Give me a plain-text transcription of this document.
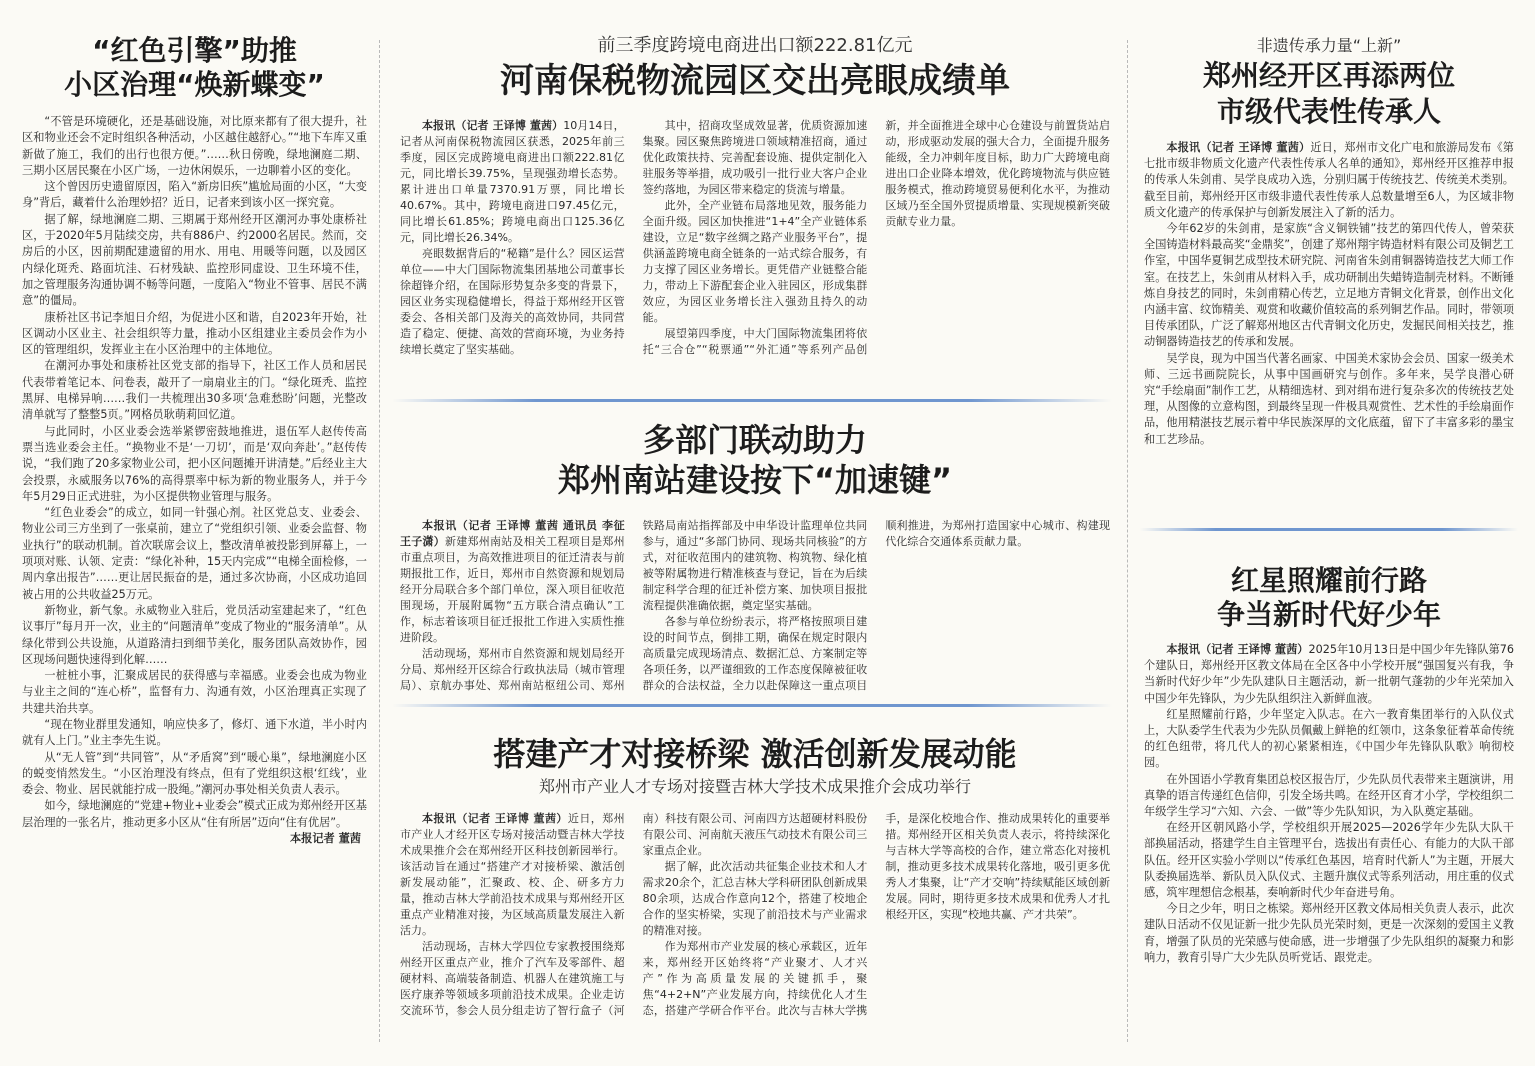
“红色引擎”助推
小区治理“焕新蝶变”

“不管是环境硬化，还是基础设施，对比原来都有了很大提升，社区和物业还会不定时组织各种活动，小区越住越舒心。”“地下车库又重新做了施工，我们的出行也很方便。”……秋日傍晚，绿地澜庭二期、三期小区居民聚在小区广场，一边休闲娱乐，一边聊着小区的变化。

这个曾因历史遗留原因，陷入“新房旧疾”尴尬局面的小区，“大变身”背后，藏着什么治理妙招？近日，记者来到该小区一探究竟。

据了解，绿地澜庭二期、三期属于郑州经开区潮河办事处康桥社区，于2020年5月陆续交房，共有886户、约2000名居民。然而，交房后的小区，因前期配建遗留的用水、用电、用暖等问题，以及园区内绿化斑秃、路面坑洼、石材残缺、监控形同虚设、卫生环境不佳，加之管理服务沟通协调不畅等问题，一度陷入“物业不管事、居民不满意”的僵局。

康桥社区书记李旭日介绍，为促进小区和谐，自2023年开始，社区调动小区业主、社会组织等力量，推动小区组建业主委员会作为小区的管理组织，发挥业主在小区治理中的主体地位。

在潮河办事处和康桥社区党支部的指导下，社区工作人员和居民代表带着笔记本、问卷表，敲开了一扇扇业主的门。“绿化斑秃、监控黑屏、电梯异响……我们一共梳理出30多项‘急难愁盼’问题，光整改清单就写了整整5页。”网格员耿萌莉回忆道。

与此同时，小区业委会选举紧锣密鼓地推进，退伍军人赵传传高票当选业委会主任。“换物业不是‘一刀切’，而是‘双向奔赴’。”赵传传说，“我们跑了20多家物业公司，把小区问题摊开讲清楚。”后经业主大会投票，永威服务以76%的高得票率中标为新的物业服务人，并于今年5月29日正式进驻，为小区提供物业管理与服务。

“红色业委会”的成立，如同一针强心剂。社区党总支、业委会、物业公司三方坐到了一张桌前，建立了“党组织引领、业委会监督、物业执行”的联动机制。首次联席会议上，整改清单被投影到屏幕上，一项项对账、认领、定责：“绿化补种，15天内完成”“电梯全面检修，一周内拿出报告”……更让居民振奋的是，通过多次协商，小区成功追回被占用的公共收益25万元。

新物业，新气象。永威物业入驻后，党员活动室建起来了，“红色议事厅”每月开一次，业主的“问题清单”变成了物业的“服务清单”。从绿化带到公共设施，从道路清扫到细节美化，服务团队高效协作，园区现场问题快速得到化解……

一桩桩小事，汇聚成居民的获得感与幸福感。业委会也成为物业与业主之间的“连心桥”，监督有力、沟通有效，小区治理真正实现了共建共治共享。

“现在物业群里发通知，响应快多了，修灯、通下水道，半小时内就有人上门。”业主李先生说。

从“无人管”到“共同管”，从“矛盾窝”到“暖心巢”，绿地澜庭小区的蜕变悄然发生。“小区治理没有终点，但有了党组织这根‘红线’，业委会、物业、居民就能拧成一股绳。”潮河办事处相关负责人表示。

如今，绿地澜庭的“党建+物业+业委会”模式正成为郑州经开区基层治理的一张名片，推动更多小区从“住有所居”迈向“住有优居”。

本报记者 董茜

前三季度跨境电商进出口额222.81亿元
河南保税物流园区交出亮眼成绩单

本报讯（记者 王译博 董茜）10月14日，记者从河南保税物流园区获悉，2025年前三季度，园区完成跨境电商进出口额222.81亿元，同比增长39.75%，呈现强劲增长态势。累计进出口单量7370.91万票，同比增长40.67%。其中，跨境电商进口97.45亿元，同比增长61.85%；跨境电商出口125.36亿元，同比增长26.34%。

亮眼数据背后的“秘籍”是什么？园区运营单位——中大门国际物流集团基地公司董事长徐超锋介绍，在国际形势复杂多变的背景下，园区业务实现稳健增长，得益于郑州经开区管委会、各相关部门及海关的高效协同，共同营造了稳定、便捷、高效的营商环境，为业务持续增长奠定了坚实基础。

其中，招商攻坚成效显著，优质资源加速集聚。园区聚焦跨境进口领域精准招商，通过优化政策扶持、完善配套设施、提供定制化入驻服务等举措，成功吸引一批行业大客户企业签约落地，为园区带来稳定的货流与增量。

此外，全产业链布局落地见效，服务能力全面升级。园区加快推进“1+4”全产业链体系建设，立足“数字丝绸之路产业服务平台”，提供涵盖跨境电商全链条的一站式综合服务，有力支撑了园区业务增长。更凭借产业链整合能力，带动上下游配套企业入驻园区，形成集群效应，为园区业务增长注入强劲且持久的动能。

展望第四季度，中大门国际物流集团将依托“三合仓”“税票通”“外汇通”等系列产品创新，并全面推进全球中心仓建设与前置货站启动，形成驱动发展的强大合力，全面提升服务能级，全力冲刺年度目标，助力广大跨境电商进出口企业降本增效，优化跨境物流与供应链服务模式，推动跨境贸易便利化水平，为推动区域乃至全国外贸提质增量、实现规模新突破贡献专业力量。

多部门联动助力
郑州南站建设按下“加速键”

本报讯（记者 王译博 董茜 通讯员 李征 王子潇）新建郑州南站及相关工程项目是郑州市重点项目，为高效推进项目的征迁清表与前期报批工作，近日，郑州市自然资源和规划局经开分局联合多个部门单位，深入项目征收范围现场，开展附属物“五方联合清点确认”工作，标志着该项目征迁报批工作进入实质性推进阶段。

活动现场，郑州市自然资源和规划局经开分局、郑州经开区综合行政执法局（城市管理局）、京航办事处、郑州南站枢纽公司、郑州铁路局南站指挥部及中申华设计监理单位共同参与，通过“多部门协同、现场共同核验”的方式，对征收范围内的建筑物、构筑物、绿化植被等附属物进行精准核查与登记，旨在为后续制定科学合理的征迁补偿方案、加快项目报批流程提供准确依据，奠定坚实基础。

各参与单位纷纷表示，将严格按照项目建设的时间节点，倒排工期，确保在规定时限内高质量完成现场清点、数据汇总、方案制定等各项任务，以严谨细致的工作态度保障被征收群众的合法权益，全力以赴保障这一重点项目顺利推进，为郑州打造国家中心城市、构建现代化综合交通体系贡献力量。

搭建产才对接桥梁 激活创新发展动能
郑州市产业人才专场对接暨吉林大学技术成果推介会成功举行

本报讯（记者 王译博 董茜）近日，郑州市产业人才经开区专场对接活动暨吉林大学技术成果推介会在郑州经开区科技创新园举行。该活动旨在通过“搭建产才对接桥梁、激活创新发展动能”，汇聚政、校、企、研多方力量，推动吉林大学前沿技术成果与郑州经开区重点产业精准对接，为区域高质量发展注入新活力。

活动现场，吉林大学四位专家教授围绕郑州经开区重点产业，推介了汽车及零部件、超硬材料、高端装备制造、机器人在建筑施工与医疗康养等领域多项前沿技术成果。企业走访交流环节，参会人员分组走访了智行盒子（河南）科技有限公司、河南四方达超硬材料股份有限公司、河南航天液压气动技术有限公司三家重点企业。

据了解，此次活动共征集企业技术和人才需求20余个，汇总吉林大学科研团队创新成果80余项，达成合作意向12个，搭建了校地企合作的坚实桥梁，实现了前沿技术与产业需求的精准对接。

作为郑州市产业发展的核心承载区，近年来，郑州经开区始终将“产业聚才、人才兴产”作为高质量发展的关键抓手，聚焦“4+2+N”产业发展方向，持续优化人才生态，搭建产学研合作平台。此次与吉林大学携手，是深化校地合作、推动成果转化的重要举措。郑州经开区相关负责人表示，将持续深化与吉林大学等高校的合作，建立常态化对接机制，推动更多技术成果转化落地，吸引更多优秀人才集聚，让“产才交响”持续赋能区域创新发展。同时，期待更多技术成果和优秀人才扎根经开区，实现“校地共赢、产才共荣”。

非遗传承力量“上新”
郑州经开区再添两位
市级代表性传承人

本报讯（记者 王译博 董茜）近日，郑州市文化广电和旅游局发布《第七批市级非物质文化遗产代表性传承人名单的通知》，郑州经开区推荐申报的传承人朱剑甫、吴学良成功入选，分别归属于传统技艺、传统美术类别。截至目前，郑州经开区市级非遗代表性传承人总数量增至6人，为区域非物质文化遗产的传承保护与创新发展注入了新的活力。

今年62岁的朱剑甫，是家族“含义铜铁铺”技艺的第四代传人，曾荣获全国铸造材料最高奖“金鼎奖”，创建了郑州翔宇铸造材料有限公司及铜艺工作室，中国华夏铜艺成型技术研究院、河南省朱剑甫铜器铸造技艺大师工作室。在技艺上，朱剑甫从材料入手，成功研制出失蜡铸造制壳材料。不断锤炼自身技艺的同时，朱剑甫精心传艺，立足地方青铜文化背景，创作出文化内涵丰富、纹饰精美、观赏和收藏价值较高的系列铜艺作品。同时，带领项目传承团队，广泛了解郑州地区古代青铜文化历史，发掘民间相关技艺，推动铜器铸造技艺的传承和发展。

吴学良，现为中国当代著名画家、中国美术家协会会员、国家一级美术师、三远书画院院长，从事中国画研究与创作。多年来，吴学良潜心研究“手绘扇面”制作工艺，从精细选材、到对绢布进行复杂多次的传统技艺处理，从图像的立意构图，到最终呈现一件极具观赏性、艺术性的手绘扇面作品，他用精湛技艺展示着中华民族深厚的文化底蕴，留下了丰富多彩的墨宝和工艺珍品。

红星照耀前行路
争当新时代好少年

本报讯（记者 王译博 董茜）2025年10月13日是中国少年先锋队第76个建队日，郑州经开区教文体局在全区各中小学校开展“强国复兴有我，争当新时代好少年”少先队建队日主题活动，新一批朝气蓬勃的少年光荣加入中国少年先锋队，为少先队组织注入新鲜血液。

红星照耀前行路，少年坚定入队志。在六一教育集团举行的入队仪式上，大队委学生代表为少先队员佩戴上鲜艳的红领巾，这条象征着革命传统的红色纽带，将几代人的初心紧紧相连，《中国少年先锋队队歌》响彻校园。

在外国语小学教育集团总校区报告厅，少先队员代表带来主题演讲，用真挚的语言传递红色信仰，引发全场共鸣。在经开区育才小学，学校组织二年级学生学习“六知、六会、一做”等少先队知识，为入队奠定基础。

在经开区朝风路小学，学校组织开展2025—2026学年少先队大队干部换届活动，搭建学生自主管理平台，选拔出有责任心、有能力的大队干部队伍。经开区实验小学则以“传承红色基因，培育时代新人”为主题，开展大队委换届选举、新队员入队仪式、主题升旗仪式等系列活动，用庄重的仪式感，筑牢理想信念根基，奏响新时代少年奋进号角。

今日之少年，明日之栋梁。郑州经开区教文体局相关负责人表示，此次建队日活动不仅见证新一批少先队员光荣时刻，更是一次深刻的爱国主义教育，增强了队员的光荣感与使命感，进一步增强了少先队组织的凝聚力和影响力，教育引导广大少先队员听党话、跟党走。
